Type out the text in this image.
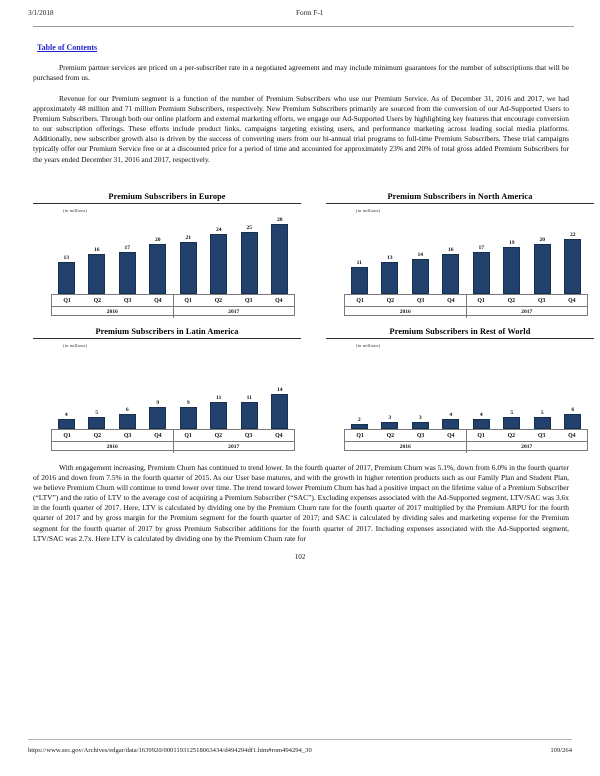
3/1/2018	Form F-1
Table of Contents
Premium partner services are priced on a per-subscriber rate in a negotiated agreement and may include minimum guarantees for the number of subscriptions that will be purchased from us.
Revenue for our Premium segment is a function of the number of Premium Subscribers who use our Premium Service. As of December 31, 2016 and 2017, we had approximately 48 million and 71 million Premium Subscribers, respectively. New Premium Subscribers primarily are sourced from the conversion of our Ad-Supported Users to Premium Subscribers. Through both our online platform and external marketing efforts, we engage our Ad-Supported Users by highlighting key features that encourage conversion to our subscription offerings. These efforts include product links, campaigns targeting existing users, and performance marketing across leading social media platforms. Additionally, new subscriber growth also is driven by the success of converting users from our bi-annual trial programs to full-time Premium Subscribers. These trial campaigns typically offer our Premium Service free or at a discounted price for a period of time and accounted for approximately 23% and 20% of total gross added Premium Subscribers for the years ended December 31, 2016 and 2017, respectively.
Premium Subscribers in Europe
(in millions)
13
16	17
20	21
24	25
28
Q1	Q2	Q3	Q4	Q1	Q2	Q3	Q4
2016	2017
Premium Subscribers in North America
(in millions)
11
13	14
16	17
19	20
22
Q1	Q2	Q3	Q4	Q1	Q2	Q3	Q4
2016	2017
Premium Subscribers in Latin America
(in millions)
4	5	6
9	9
11	11
14
Q1	Q2	Q3	Q4	Q1	Q2	Q3	Q4
2016	2017
Premium Subscribers in Rest of World
(in millions)
2	3	3	4	4	5	5	6
Q1	Q2	Q3	Q4	Q1	Q2	Q3	Q4
2016	2017
With engagement increasing, Premium Churn has continued to trend lower. In the fourth quarter of 2017, Premium Churn was 5.1%, down from 6.0% in the fourth quarter of 2016 and down from 7.5% in the fourth quarter of 2015. As our User base matures, and with the growth in higher retention products such as our Family Plan and Student Plan, we believe Premium Churn will continue to trend lower over time. The trend toward lower Premium Churn has had a positive impact on the lifetime value of a Premium Subscriber (“LTV”) and the ratio of LTV to the average cost of acquiring a Premium Subscriber (“SAC”). Excluding expenses associated with the Ad-Supported segment, LTV/SAC was 3.6x in the fourth quarter of 2017. Here, LTV is calculated by dividing one by the Premium Churn rate for the fourth quarter of 2017 multiplied by the Premium ARPU for the fourth quarter of 2017 and by gross margin for the Premium segment for the fourth quarter of 2017; and SAC is calculated by dividing sales and marketing expense for the Premium segment for the fourth quarter of 2017 by gross Premium Subscriber additions for the fourth quarter of 2017. Including expenses associated with the Ad-Supported segment, LTV/SAC was 2.7x. Here LTV is calculated by dividing one by the Premium Churn rate for
102
https://www.sec.gov/Archives/edgar/data/1639920/000119312518063434/d494294df1.htm#rom494294_30	109/264
